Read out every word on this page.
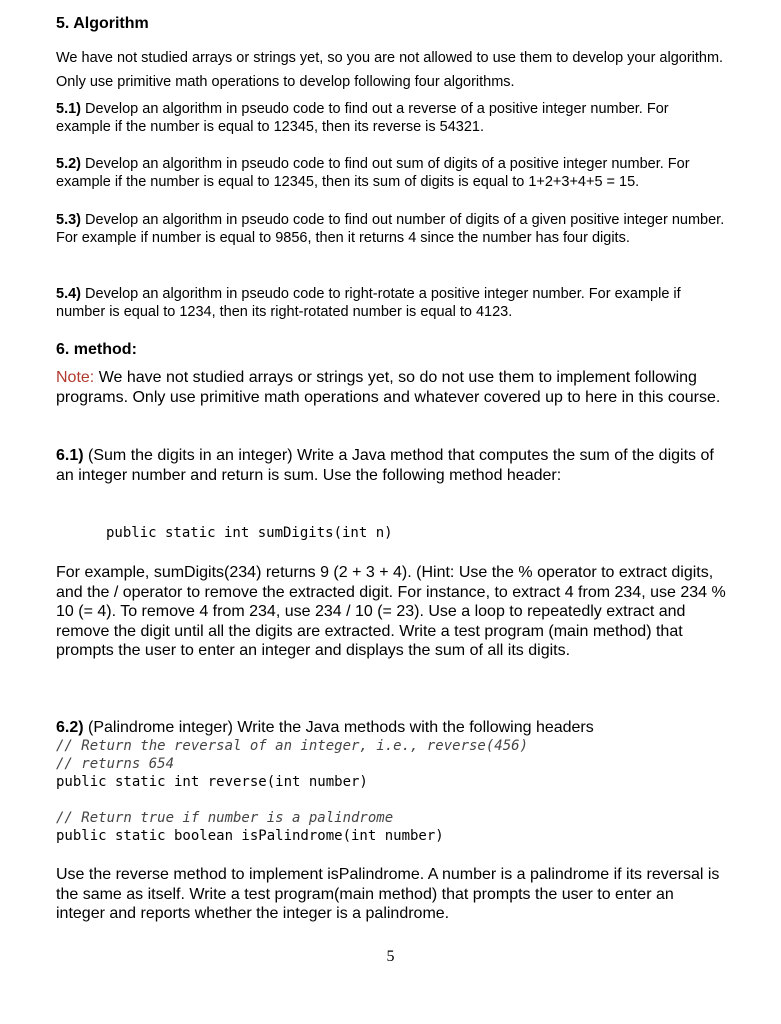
5. Algorithm

We have not studied arrays or strings yet, so you are not allowed to use them to develop your algorithm. Only use primitive math operations to develop following four algorithms.

5.1) Develop an algorithm in pseudo code to find out a reverse of a positive integer number. For example if the number is equal to 12345, then its reverse is 54321.

5.2) Develop an algorithm in pseudo code to find out sum of digits of a positive integer number. For example if the number is equal to 12345, then its sum of digits is equal to 1+2+3+4+5 = 15.

5.3) Develop an algorithm in pseudo code to find out number of digits of a given positive integer number. For example if number is equal to 9856, then it returns 4 since the number has four digits.

5.4) Develop an algorithm in pseudo code to right-rotate a positive integer number. For example if number is equal to 1234, then its right-rotated number is equal to 4123.

6. method:

Note: We have not studied arrays or strings yet, so do not use them to implement following programs. Only use primitive math operations and whatever covered up to here in this course.

6.1) (Sum the digits in an integer) Write a Java method that computes the sum of the digits of an integer number and return is sum. Use the following method header:

public static int sumDigits(int n)

For example, sumDigits(234) returns 9 (2 + 3 + 4). (Hint: Use the % operator to extract digits, and the / operator to remove the extracted digit. For instance, to extract 4 from 234, use 234 % 10 (= 4). To remove 4 from 234, use 234 / 10 (= 23). Use a loop to repeatedly extract and remove the digit until all the digits are extracted. Write a test program (main method) that prompts the user to enter an integer and displays the sum of all its digits.

6.2) (Palindrome integer) Write the Java methods with the following headers

// Return the reversal of an integer, i.e., reverse(456)
// returns 654
public static int reverse(int number)
// Return true if number is a palindrome
public static boolean isPalindrome(int number)

Use the reverse method to implement isPalindrome. A number is a palindrome if its reversal is the same as itself. Write a test program(main method) that prompts the user to enter an integer and reports whether the integer is a palindrome.

5
